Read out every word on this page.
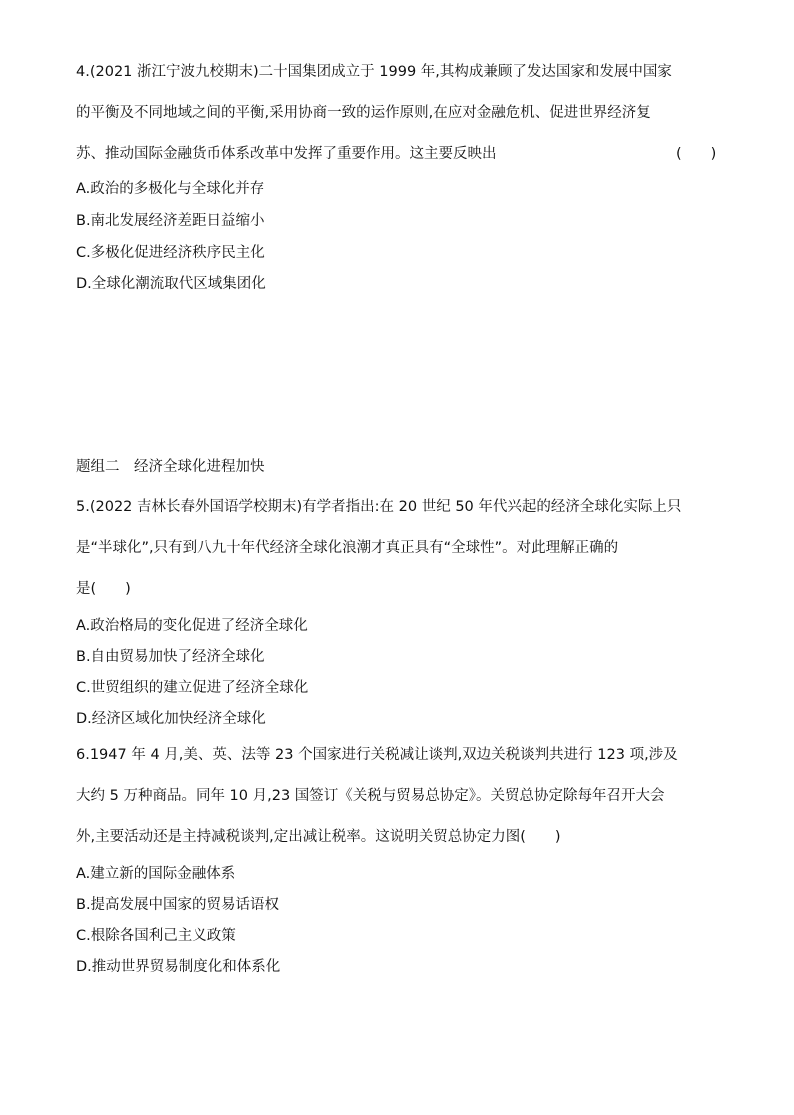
4.(2021 浙江宁波九校期末)二十国集团成立于 1999 年,其构成兼顾了发达国家和发展中国家
的平衡及不同地域之间的平衡,采用协商一致的运作原则,在应对金融危机、促进世界经济复
苏、推动国际金融货币体系改革中发挥了重要作用。这主要反映出	(　　)
A.政治的多极化与全球化并存
B.南北发展经济差距日益缩小
C.多极化促进经济秩序民主化
D.全球化潮流取代区域集团化
题组二　经济全球化进程加快
5.(2022 吉林长春外国语学校期末)有学者指出:在 20 世纪 50 年代兴起的经济全球化实际上只
是“半球化”,只有到八九十年代经济全球化浪潮才真正具有“全球性”。对此理解正确的
是(　　)
A.政治格局的变化促进了经济全球化
B.自由贸易加快了经济全球化
C.世贸组织的建立促进了经济全球化
D.经济区域化加快经济全球化
6.1947 年 4 月,美、英、法等 23 个国家进行关税减让谈判,双边关税谈判共进行 123 项,涉及
大约 5 万种商品。同年 10 月,23 国签订《关税与贸易总协定》。关贸总协定除每年召开大会
外,主要活动还是主持减税谈判,定出减让税率。这说明关贸总协定力图(　　)
A.建立新的国际金融体系
B.提高发展中国家的贸易话语权
C.根除各国利己主义政策
D.推动世界贸易制度化和体系化
